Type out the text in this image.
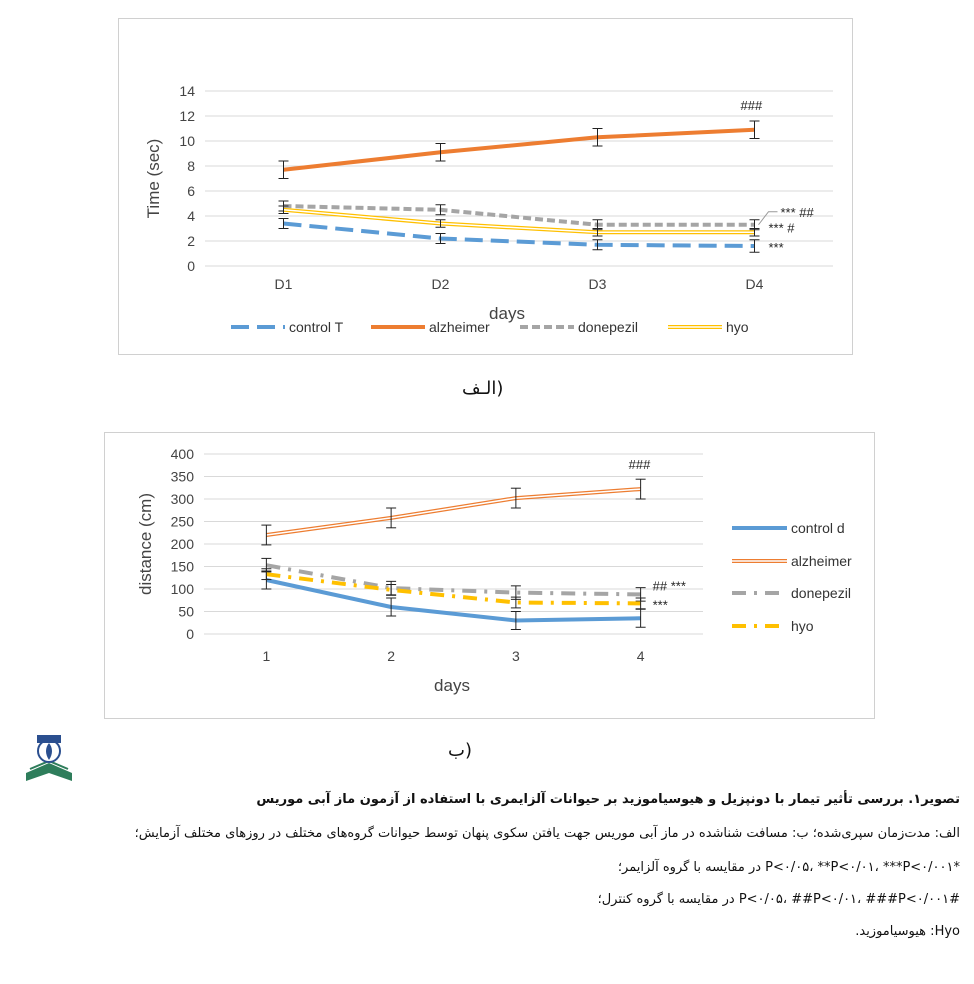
0
2
4
6
8
10
12
14
D1	D2	D3	D4
days
Time (sec)
###
*** ##
*** #
***
control T	alzheimer	donepezil	hyo
الـف)
0
50
100
150
200
250
300
350
400
1	2	3	4
days
distance (cm)
###
## ***
***
control d
alzheimer
donepezil
hyo
ب)
تصویر۱. بررسی تأثیر تیمار با دونپزیل و هیوسیاموزید بر حیوانات آلزایمری با استفاده از آزمون ماز آبی موریس
الف: مدت‌زمان سپری‌شده؛ ب: مسافت شناشده در ماز آبی موریس جهت یافتن سکوی پنهان توسط حیوانات گروه‌های مختلف در روزهای مختلف آزمایش؛
*P<۰/۰۵، **P<۰/۰۱، ***P<۰/۰۰۱ در مقایسه با گروه آلزایمر؛
#P<۰/۰۵، ##P<۰/۰۱، ###P<۰/۰۰۱ در مقایسه با گروه کنترل؛
Hyo: هیوسیاموزید.
